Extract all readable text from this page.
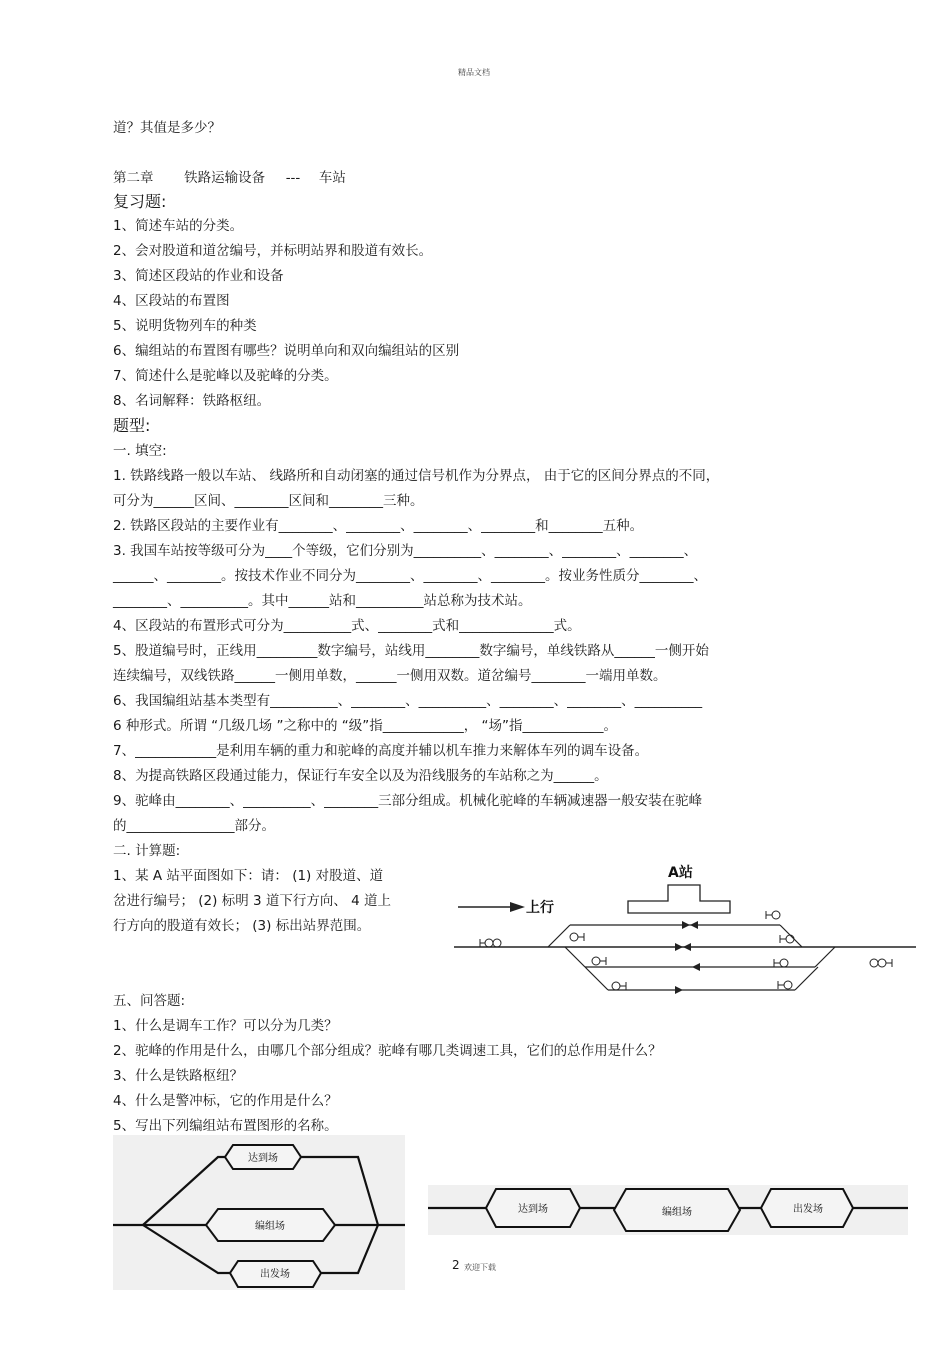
精品文档
道？其值是多少？
第二章 铁路运输设备 --- 车站
复习题:
1、简述车站的分类。
2、会对股道和道岔编号，并标明站界和股道有效长。
3、简述区段站的作业和设备
4、区段站的布置图
5、说明货物列车的种类
6、编组站的布置图有哪些？说明单向和双向编组站的区别
7、简述什么是驼峰以及驼峰的分类。
8、名词解释：铁路枢纽。
题型:
一. 填空:
1. 铁路线路一般以车站、 线路所和自动闭塞的通过信号机作为分界点， 由于它的区间分界点的不同，
可分为______区间、________区间和________三种。
2. 铁路区段站的主要作业有________、________、________、________和________五种。
3. 我国车站按等级可分为____个等级，它们分别为__________、________、________、________、
______、________。按技术作业不同分为________、________、________。按业务性质分________、
________、__________。其中______站和__________站总称为技术站。
4、区段站的布置形式可分为__________式、________式和______________式。
5、股道编号时，正线用_________数字编号，站线用________数字编号，单线铁路从______一侧开始
连续编号，双线铁路______一侧用单数，______一侧用双数。道岔编号________一端用单数。
6、我国编组站基本类型有__________、________、__________、________、________、__________
6 种形式。所谓 “几级几场 ”之称中的 “级”指____________， “场”指____________。
7、____________是利用车辆的重力和驼峰的高度并辅以机车推力来解体车列的调车设备。
8、为提高铁路区段通过能力，保证行车安全以及为沿线服务的车站称之为______。
9、驼峰由________、__________、________三部分组成。机械化驼峰的车辆减速器一般安装在驼峰
的________________部分。
二. 计算题:
1、某 A 站平面图如下：请： (1) 对股道、道
岔进行编号； (2) 标明 3 道下行方向、 4 道上
行方向的股道有效长； (3) 标出站界范围。
A站
上行
五、问答题:
1、什么是调车工作？可以分为几类？
2、驼峰的作用是什么，由哪几个部分组成？驼峰有哪几类调速工具，它们的总作用是什么？
3、什么是铁路枢纽？
4、什么是警冲标，它的作用是什么？
5、写出下列编组站布置图形的名称。
达到场
编组场
出发场
达到场	编组场	出发场
2 欢迎下载
